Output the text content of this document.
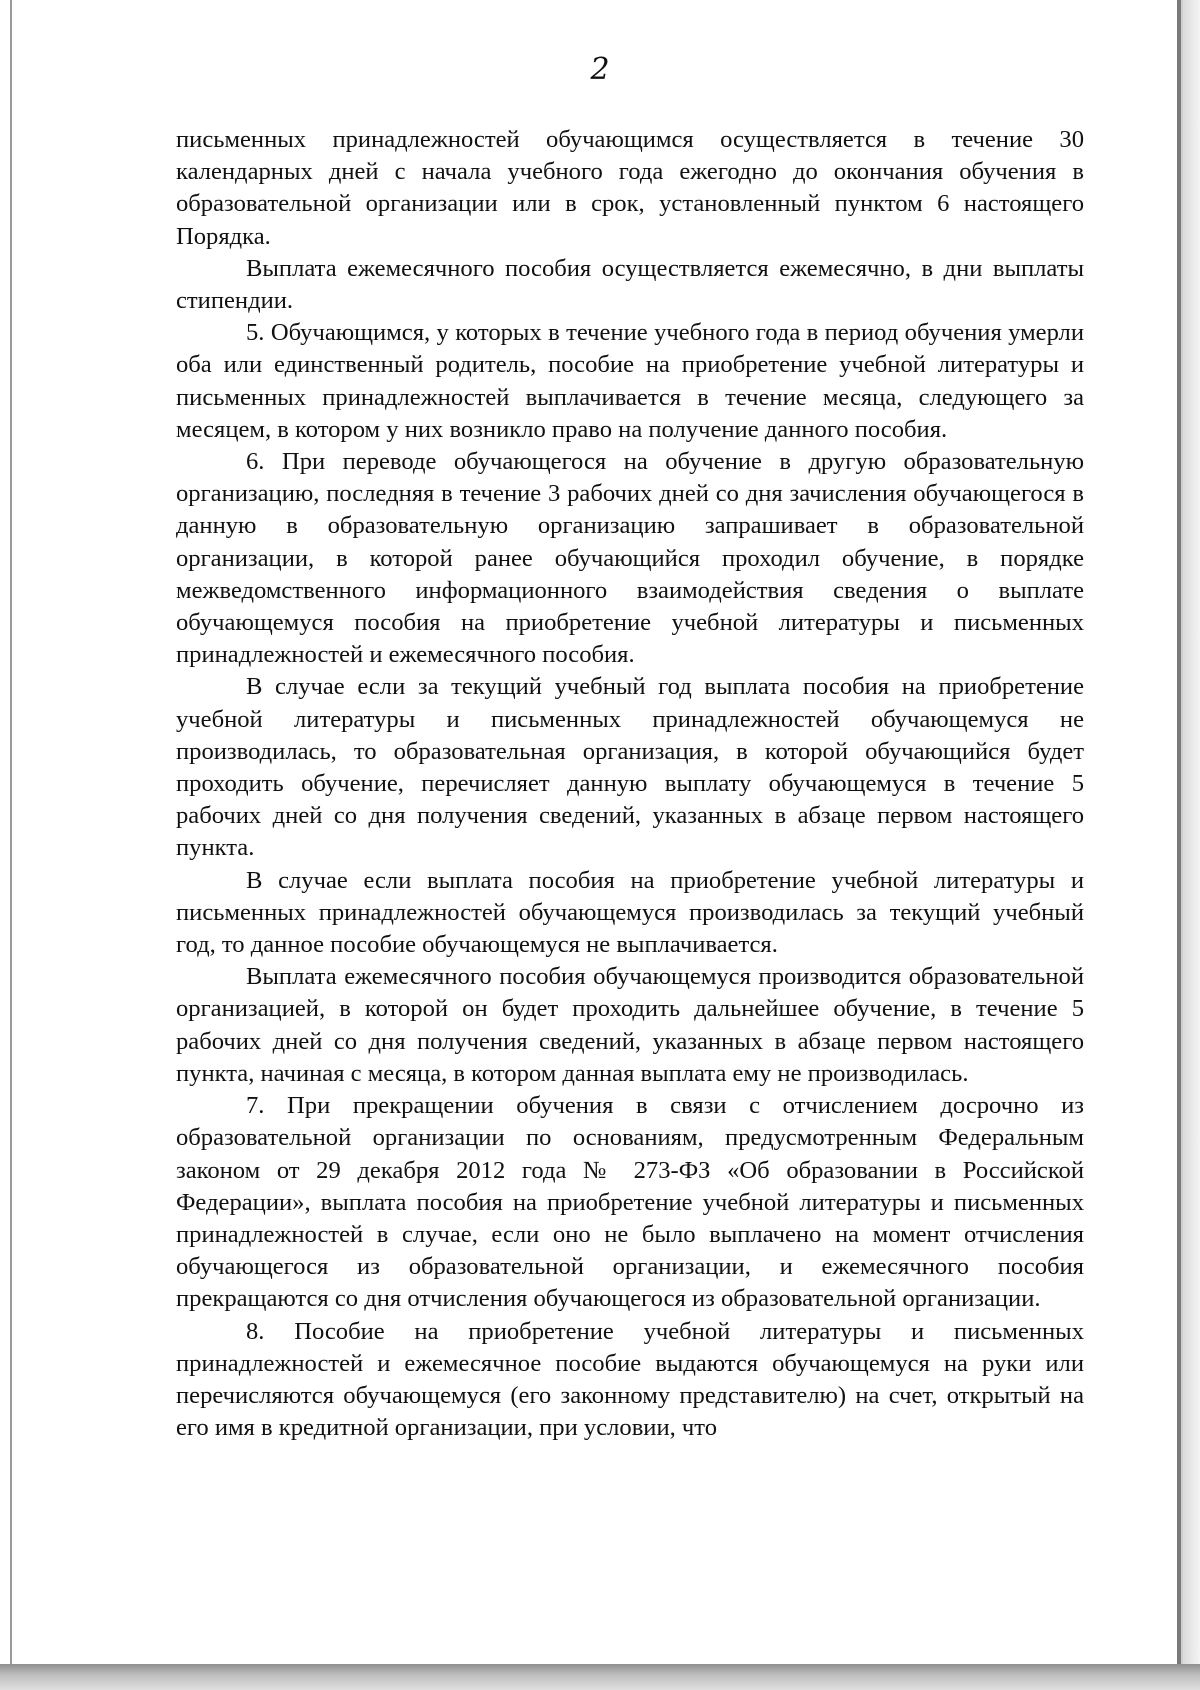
2

письменных принадлежностей обучающимся осуществляется в течение 30 календарных дней с начала учебного года ежегодно до окончания обучения в образовательной организации или в срок, установленный пунктом 6 настоящего Порядка.

Выплата ежемесячного пособия осуществляется ежемесячно, в дни выплаты стипендии.

5. Обучающимся, у которых в течение учебного года в период обучения умерли оба или единственный родитель, пособие на приобретение учебной литературы и письменных принадлежностей выплачивается в течение месяца, следующего за месяцем, в котором у них возникло право на получение данного пособия.

6. При переводе обучающегося на обучение в другую образовательную организацию, последняя в течение 3 рабочих дней со дня зачисления обучающегося в данную в образовательную организацию запрашивает в образовательной организации, в которой ранее обучающийся проходил обучение, в порядке межведомственного информационного взаимодействия сведения о выплате обучающемуся пособия на приобретение учебной литературы и письменных принадлежностей и ежемесячного пособия.

В случае если за текущий учебный год выплата пособия на приобретение учебной литературы и письменных принадлежностей обучающемуся не производилась, то образовательная организация, в которой обучающийся будет проходить обучение, перечисляет данную выплату обучающемуся в течение 5 рабочих дней со дня получения сведений, указанных в абзаце первом настоящего пункта.

В случае если выплата пособия на приобретение учебной литературы и письменных принадлежностей обучающемуся производилась за текущий учебный год, то данное пособие обучающемуся не выплачивается.

Выплата ежемесячного пособия обучающемуся производится образовательной организацией, в которой он будет проходить дальнейшее обучение, в течение 5 рабочих дней со дня получения сведений, указанных в абзаце первом настоящего пункта, начиная с месяца, в котором данная выплата ему не производилась.

7. При прекращении обучения в связи с отчислением досрочно из образовательной организации по основаниям, предусмотренным Федеральным законом от 29 декабря 2012 года № 273-ФЗ «Об образовании в Российской Федерации», выплата пособия на приобретение учебной литературы и письменных принадлежностей в случае, если оно не было выплачено на момент отчисления обучающегося из образовательной организации, и ежемесячного пособия прекращаются со дня отчисления обучающегося из образовательной организации.

8. Пособие на приобретение учебной литературы и письменных принадлежностей и ежемесячное пособие выдаются обучающемуся на руки или перечисляются обучающемуся (его законному представителю) на счет, открытый на его имя в кредитной организации, при условии, что
